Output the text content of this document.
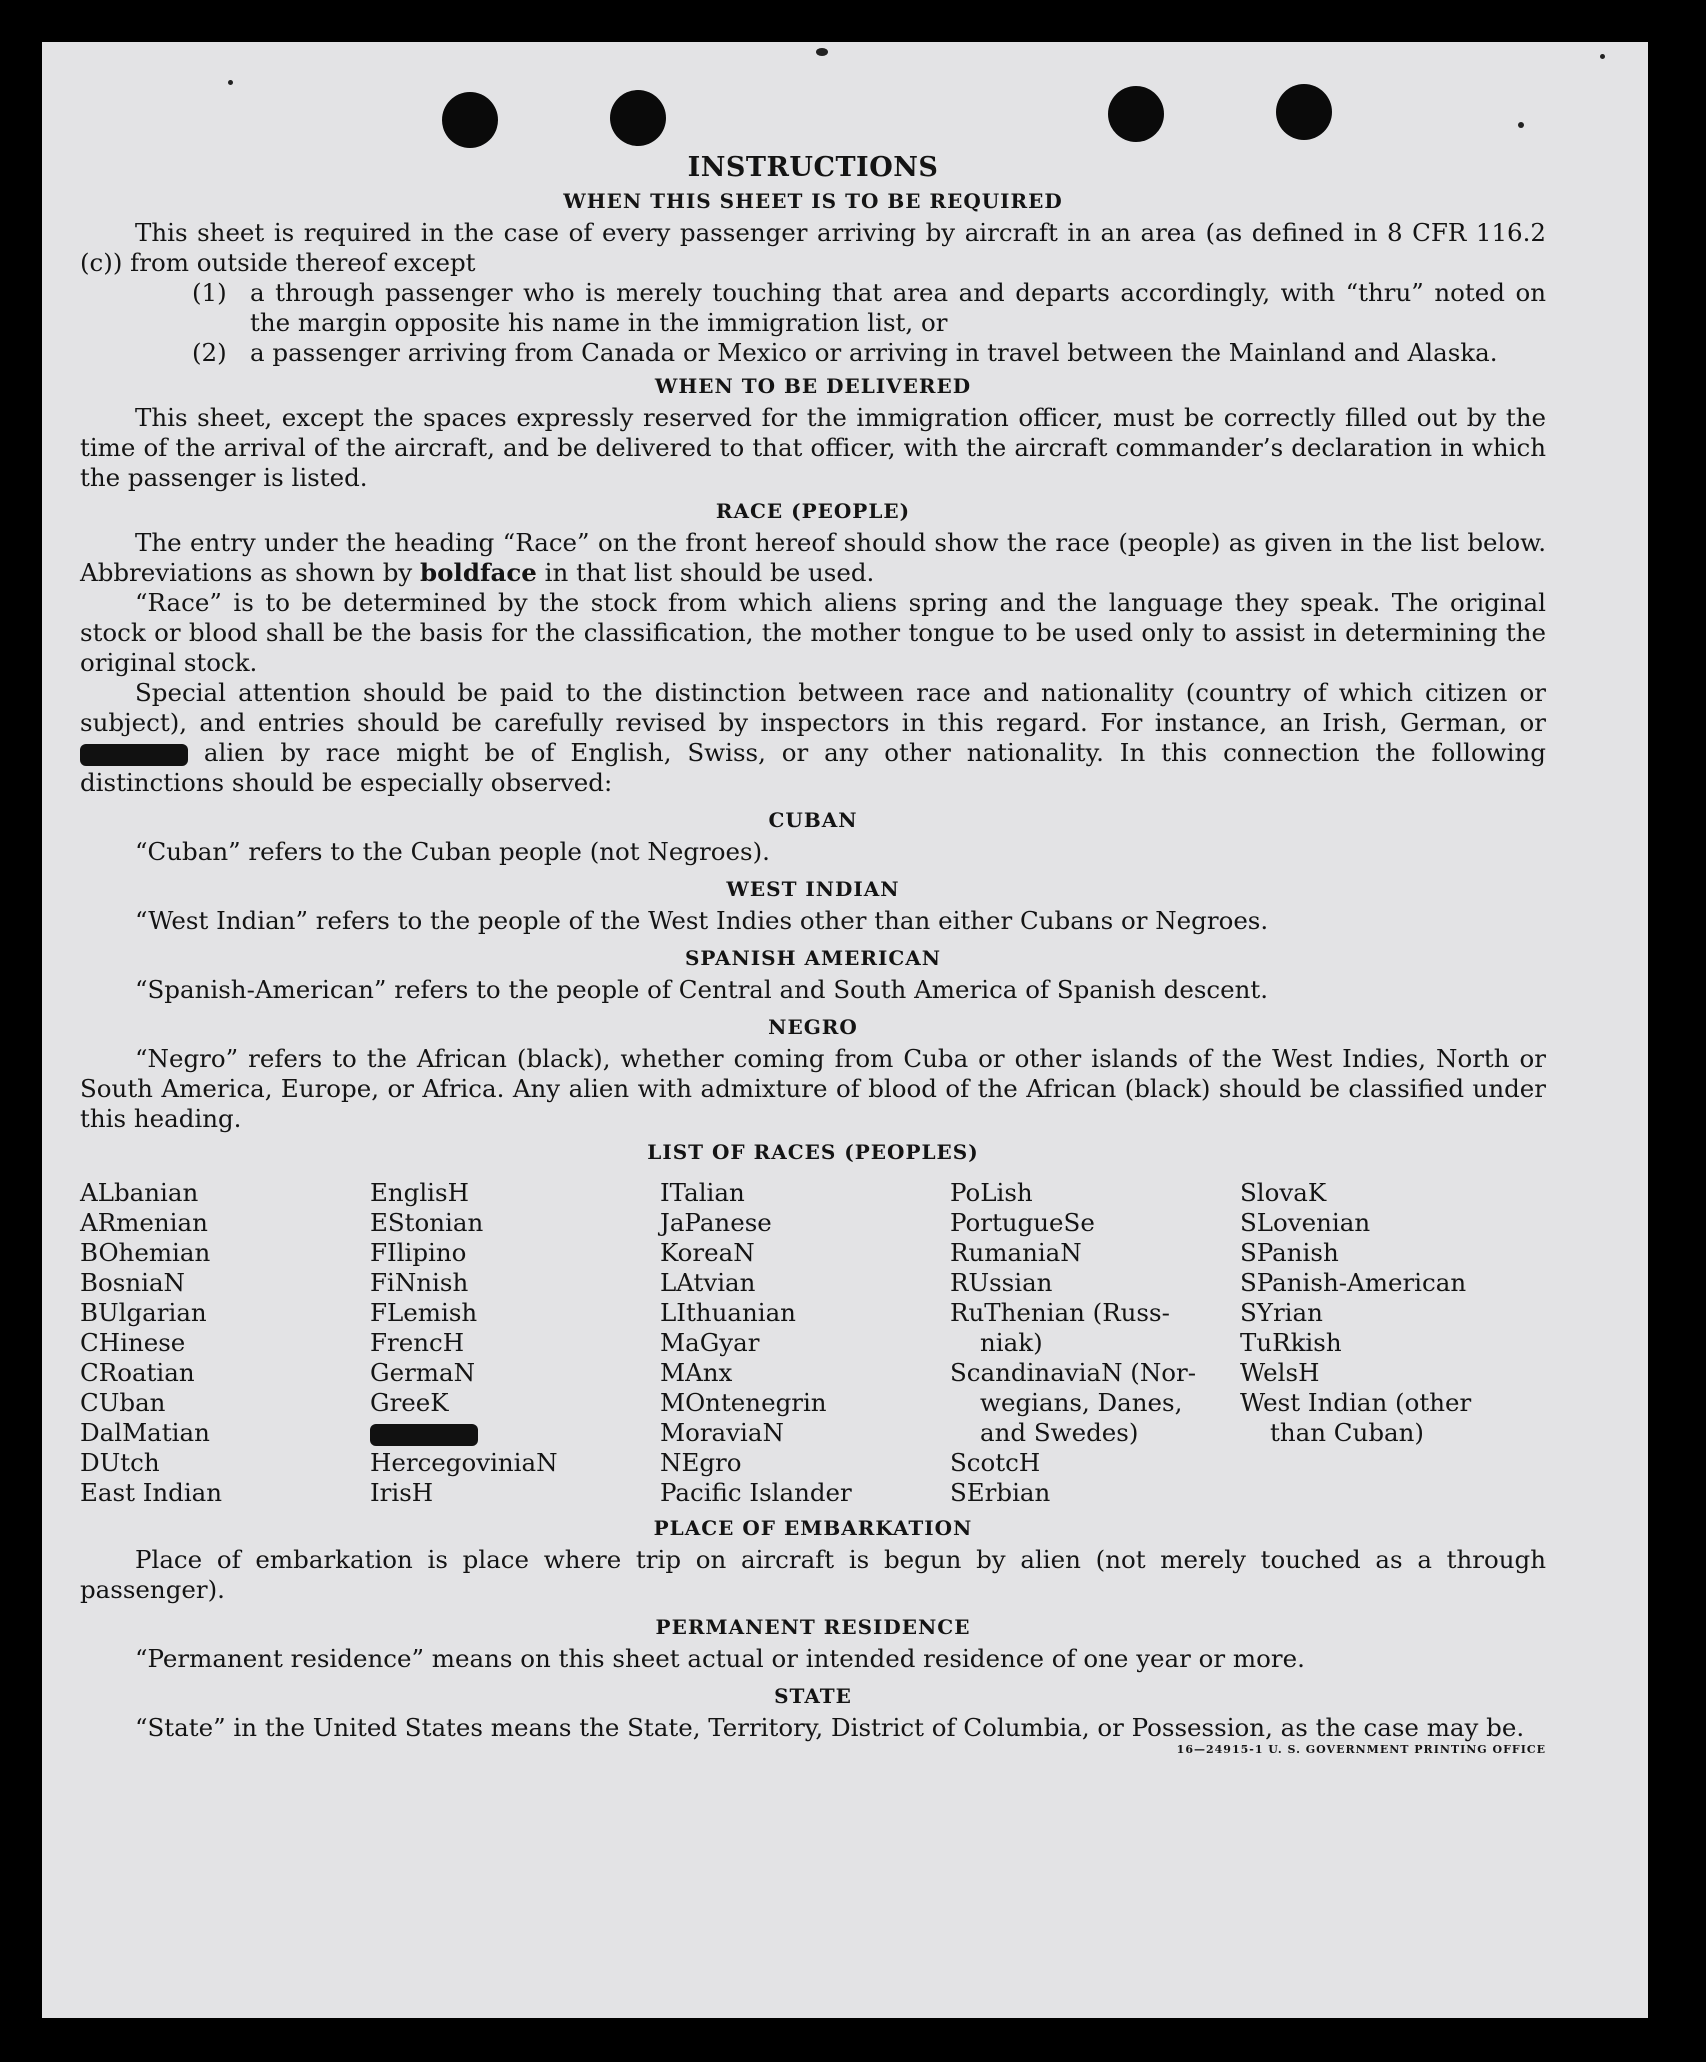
INSTRUCTIONS
WHEN THIS SHEET IS TO BE REQUIRED

This sheet is required in the case of every passenger arriving by aircraft in an area (as defined in 8 CFR 116.2 (c)) from outside thereof except

(1) a through passenger who is merely touching that area and departs accordingly, with “thru” noted on the margin opposite his name in the immigration list, or
(2) a passenger arriving from Canada or Mexico or arriving in travel between the Mainland and Alaska.
WHEN TO BE DELIVERED

This sheet, except the spaces expressly reserved for the immigration officer, must be correctly filled out by the time of the arrival of the aircraft, and be delivered to that officer, with the aircraft commander’s declaration in which the passenger is listed.

RACE (PEOPLE)

The entry under the heading “Race” on the front hereof should show the race (people) as given in the list below. Abbreviations as shown by boldface in that list should be used.

“Race” is to be determined by the stock from which aliens spring and the language they speak. The original stock or blood shall be the basis for the classification, the mother tongue to be used only to assist in determining the original stock.

Special attention should be paid to the distinction between race and nationality (country of which citizen or subject), and entries should be carefully revised by inspectors in this regard. For instance, an Irish, German, or  alien by race might be of English, Swiss, or any other nationality. In this connection the following distinctions should be especially observed:

CUBAN

“Cuban” refers to the Cuban people (not Negroes).

WEST INDIAN

“West Indian” refers to the people of the West Indies other than either Cubans or Negroes.

SPANISH AMERICAN

“Spanish-American” refers to the people of Central and South America of Spanish descent.

NEGRO

“Negro” refers to the African (black), whether coming from Cuba or other islands of the West Indies, North or South America, Europe, or Africa. Any alien with admixture of blood of the African (black) should be classified under this heading.

LIST OF RACES (PEOPLES)
ALbanian
ARmenian
BOhemian
BosniaN
BUlgarian
CHinese
CRoatian
CUban
DalMatian
DUtch
East Indian
EnglisH
EStonian
FIlipino
FiNnish
FLemish
FrencH
GermaN
GreeK
HercegoviniaN
IrisH
ITalian
JaPanese
KoreaN
LAtvian
LIthuanian
MaGyar
MAnx
MOntenegrin
MoraviaN
NEgro
Pacific Islander
PoLish
PortugueSe
RumaniaN
RUssian
RuThenian (Russ-
niak)
ScandinaviaN (Nor-
wegians, Danes,
and Swedes)
ScotcH
SErbian
SlovaK
SLovenian
SPanish
SPanish-American
SYrian
TuRkish
WelsH
West Indian (other
than Cuban)
PLACE OF EMBARKATION

Place of embarkation is place where trip on aircraft is begun by alien (not merely touched as a through passenger).

PERMANENT RESIDENCE

“Permanent residence” means on this sheet actual or intended residence of one year or more.

STATE

“State” in the United States means the State, Territory, District of Columbia, or Possession, as the case may be.

16—24915-1 U. S. GOVERNMENT PRINTING OFFICE
